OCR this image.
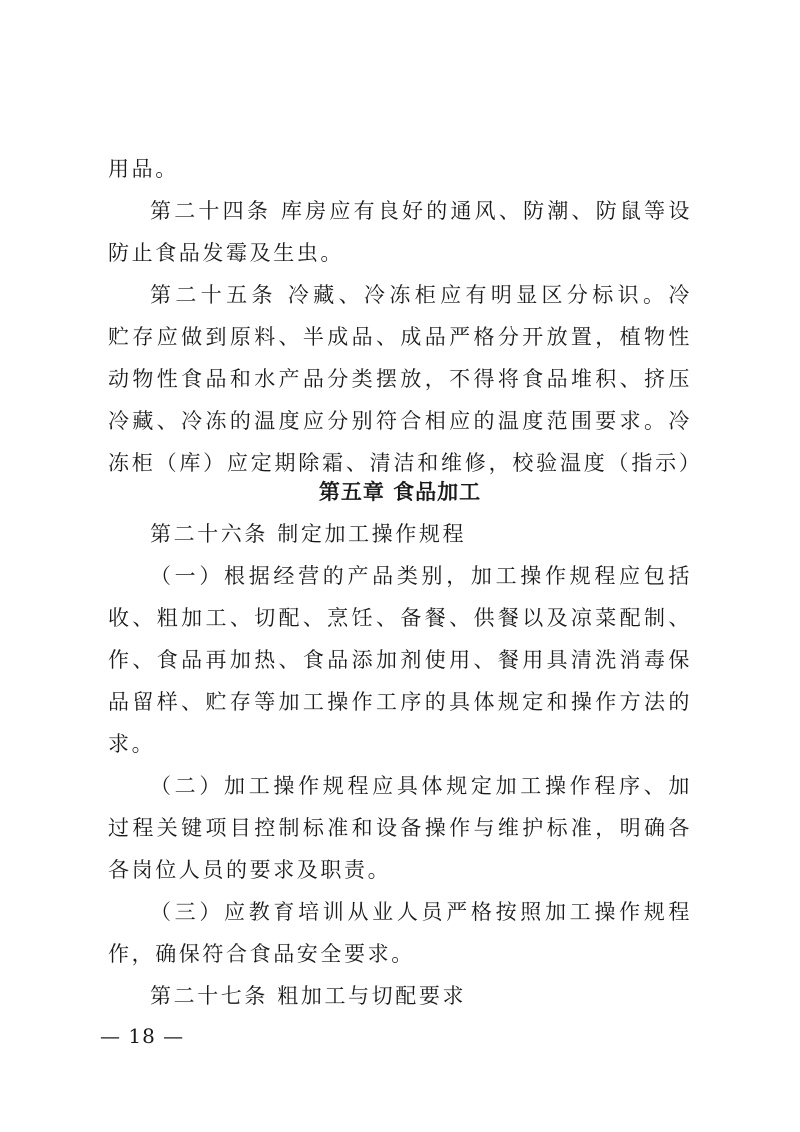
用品。
第二十四条 库房应有良好的通风、防潮、防鼠等设
防止食品发霉及生虫。
第二十五条 冷藏、冷冻柜应有明显区分标识。冷
贮存应做到原料、半成品、成品严格分开放置，植物性
动物性食品和水产品分类摆放，不得将食品堆积、挤压
冷藏、冷冻的温度应分别符合相应的温度范围要求。冷
冻柜（库）应定期除霜、清洁和维修，校验温度（指示）
第五章 食品加工
第二十六条 制定加工操作规程
（一）根据经营的产品类别，加工操作规程应包括
收、粗加工、切配、烹饪、备餐、供餐以及凉菜配制、
作、食品再加热、食品添加剂使用、餐用具清洗消毒保
品留样、贮存等加工操作工序的具体规定和操作方法的
求。
（二）加工操作规程应具体规定加工操作程序、加
过程关键项目控制标准和设备操作与维护标准，明确各
各岗位人员的要求及职责。
（三）应教育培训从业人员严格按照加工操作规程
作，确保符合食品安全要求。
第二十七条 粗加工与切配要求
— 18 —
